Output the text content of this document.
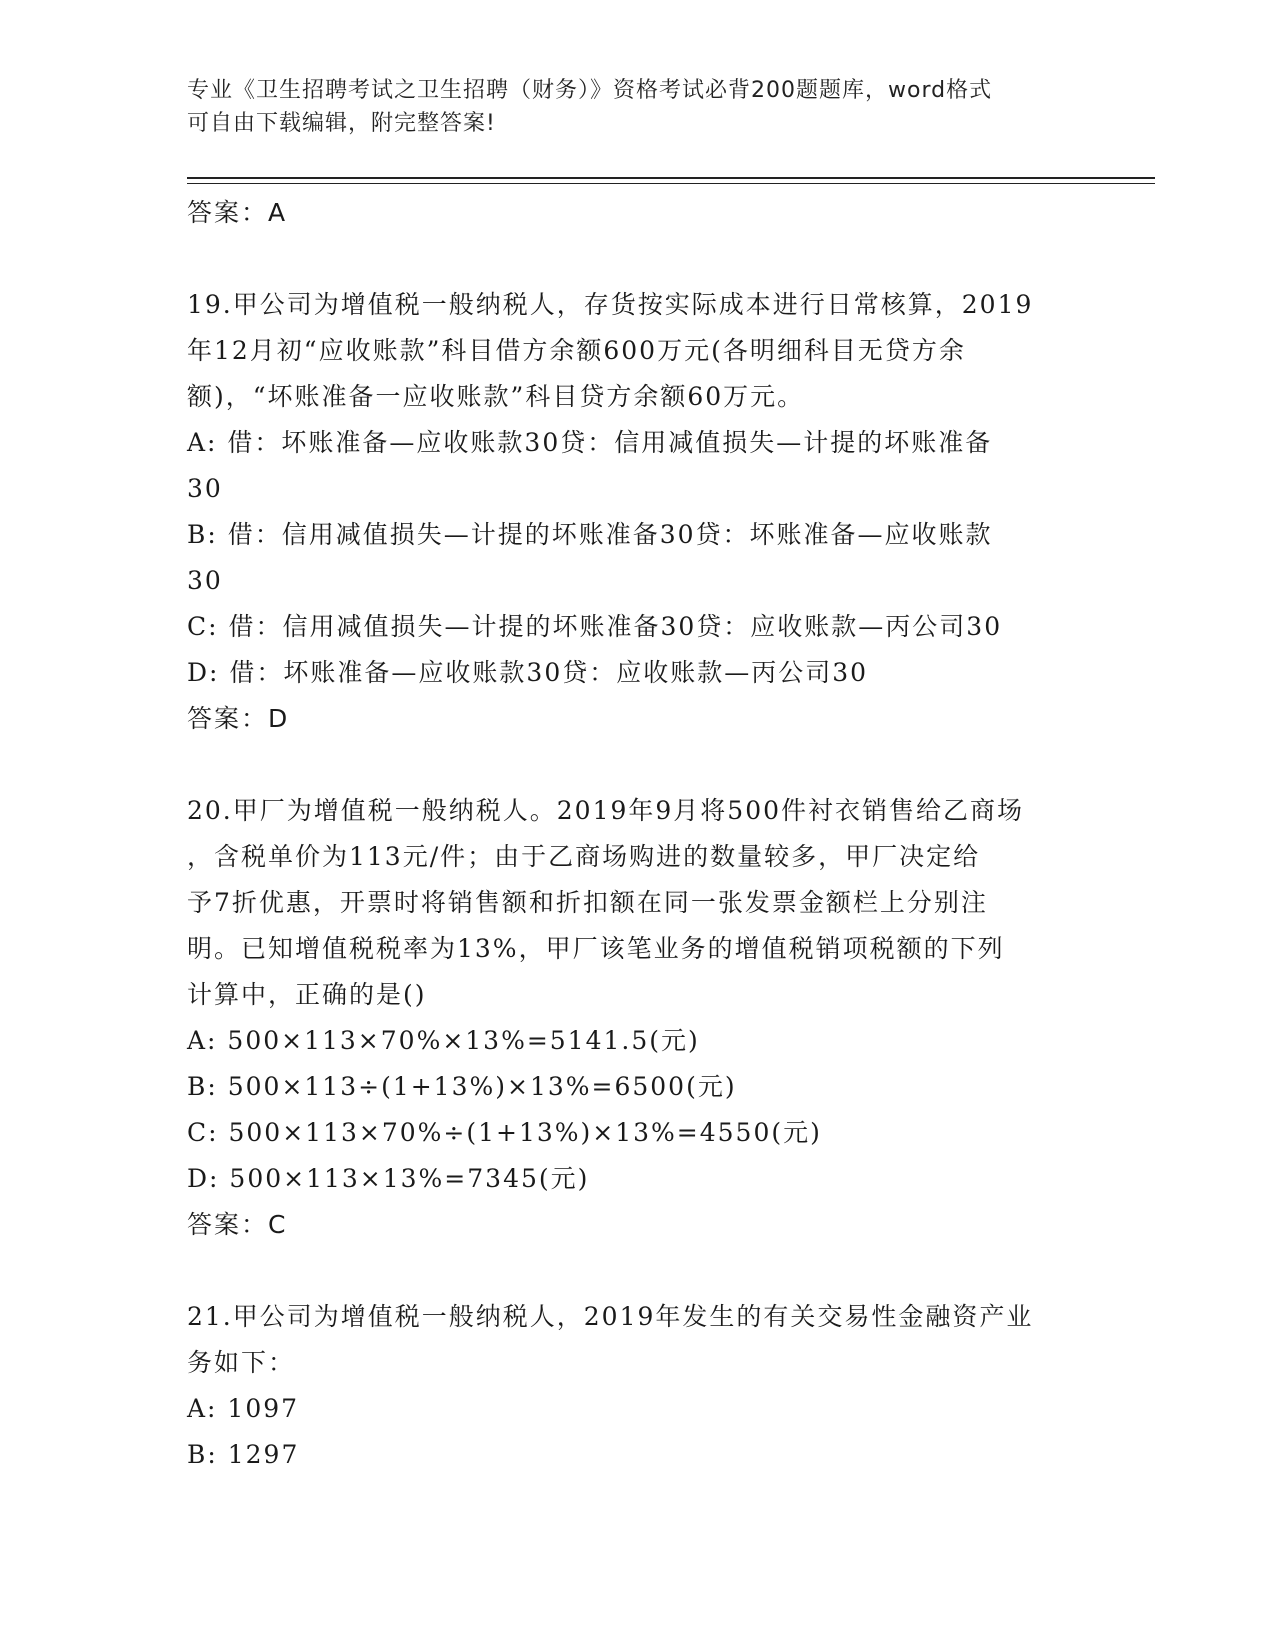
专业《卫生招聘考试之卫生招聘（财务）》资格考试必背200题题库，word格式
可自由下载编辑，附完整答案!
答案：A
19.甲公司为增值税一般纳税人，存货按实际成本进行日常核算，2019
年12月初“应收账款”科目借方余额600万元(各明细科目无贷方余
额)，“坏账准备一应收账款”科目贷方余额60万元。
A: 借：坏账准备—应收账款30贷：信用减值损失—计提的坏账准备
30
B: 借：信用减值损失—计提的坏账准备30贷：坏账准备—应收账款
30
C: 借：信用减值损失—计提的坏账准备30贷：应收账款—丙公司30
D: 借：坏账准备—应收账款30贷：应收账款—丙公司30
答案：D
20.甲厂为增值税一般纳税人。2019年9月将500件衬衣销售给乙商场
，含税单价为113元/件；由于乙商场购进的数量较多，甲厂决定给
予7折优惠，开票时将销售额和折扣额在同一张发票金额栏上分别注
明。已知增值税税率为13%，甲厂该笔业务的增值税销项税额的下列
计算中，正确的是()
A: 500×113×70%×13%=5141.5(元)
B: 500×113÷(1+13%)×13%=6500(元)
C: 500×113×70%÷(1+13%)×13%=4550(元)
D: 500×113×13%=7345(元)
答案：C
21.甲公司为增值税一般纳税人，2019年发生的有关交易性金融资产业
务如下：
A: 1097
B: 1297
